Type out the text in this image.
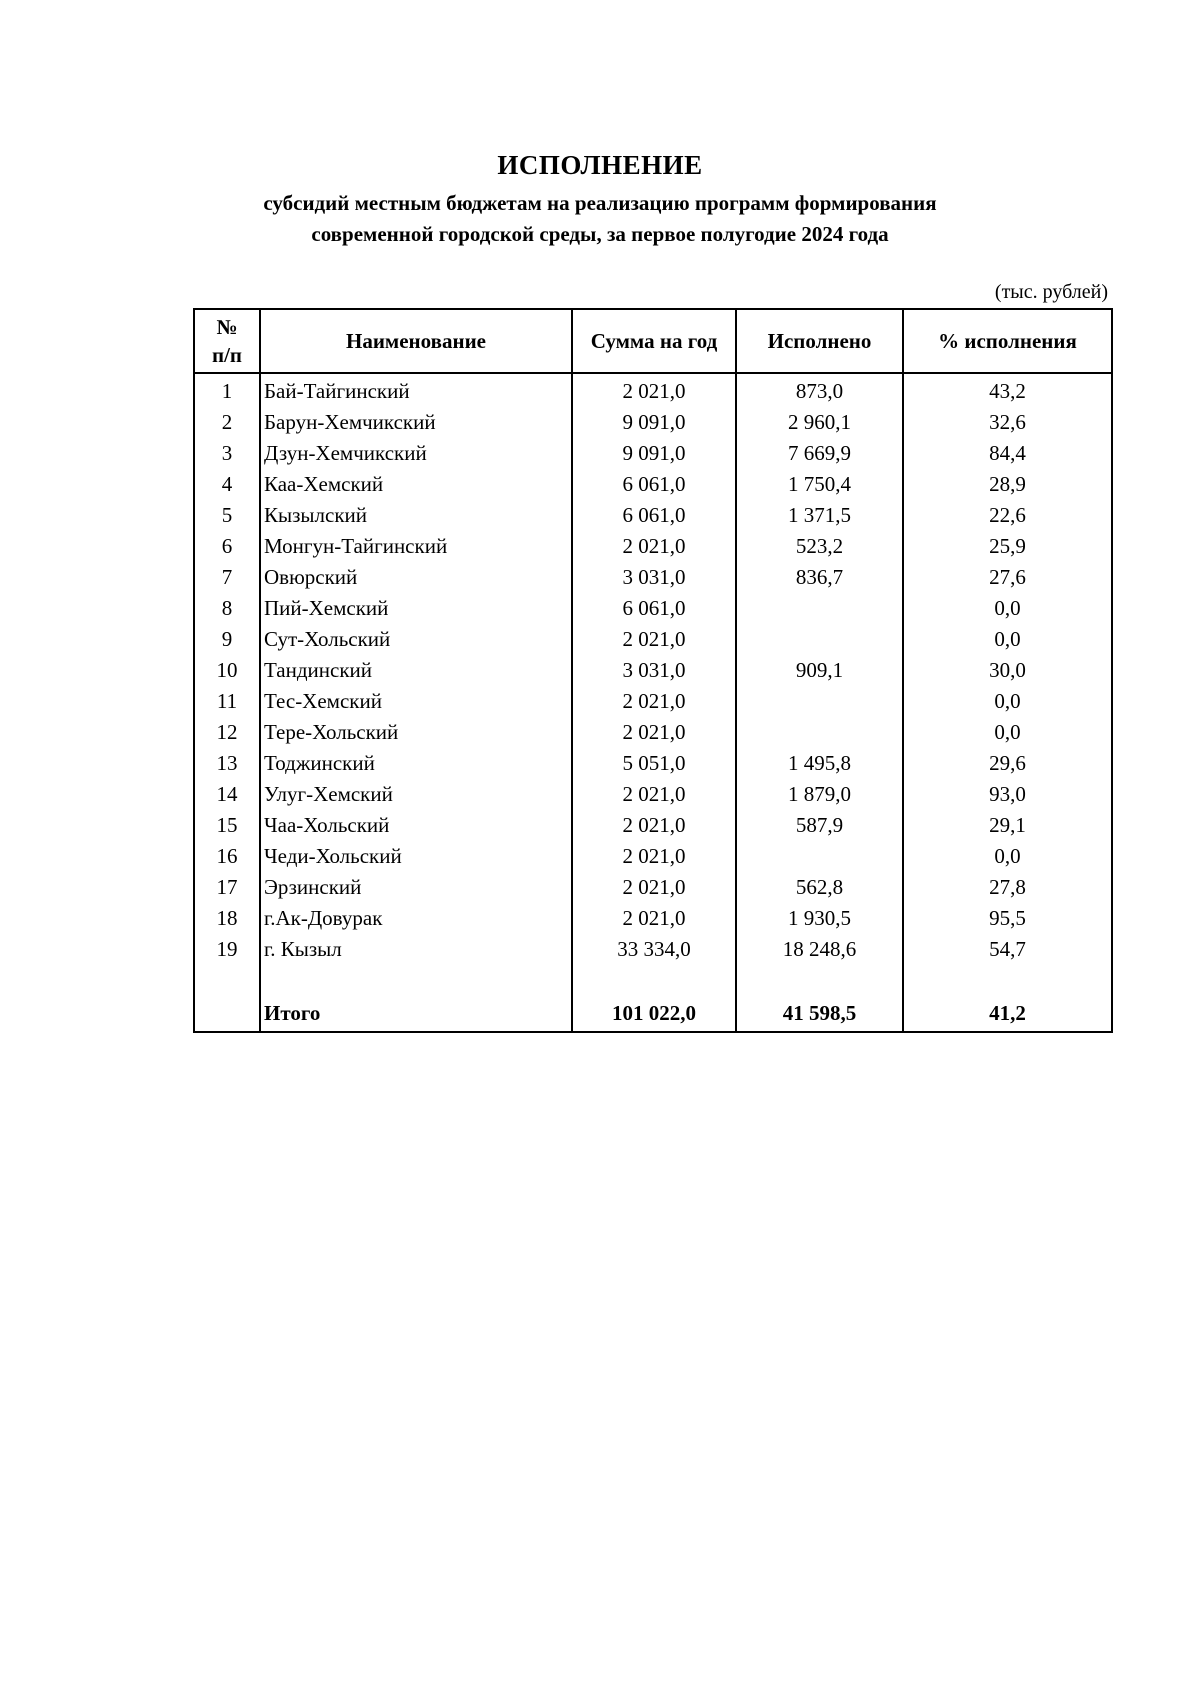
ИСПОЛНЕНИЕ
субсидий местным бюджетам на реализацию программ формирования
современной городской среды, за первое полугодие 2024 года
(тыс. рублей)
№
п/п	Наименование	Сумма на год	Исполнено	% исполнения
1	Бай-Тайгинский	2 021,0	873,0	43,2
2	Барун-Хемчикский	9 091,0	2 960,1	32,6
3	Дзун-Хемчикский	9 091,0	7 669,9	84,4
4	Каа-Хемский	6 061,0	1 750,4	28,9
5	Кызылский	6 061,0	1 371,5	22,6
6	Монгун-Тайгинский	2 021,0	523,2	25,9
7	Овюрский	3 031,0	836,7	27,6
8	Пий-Хемский	6 061,0		0,0
9	Сут-Хольский	2 021,0		0,0
10	Тандинский	3 031,0	909,1	30,0
11	Тес-Хемский	2 021,0		0,0
12	Тере-Хольский	2 021,0		0,0
13	Тоджинский	5 051,0	1 495,8	29,6
14	Улуг-Хемский	2 021,0	1 879,0	93,0
15	Чаа-Хольский	2 021,0	587,9	29,1
16	Чеди-Хольский	2 021,0		0,0
17	Эрзинский	2 021,0	562,8	27,8
18	г.Ак-Довурак	2 021,0	1 930,5	95,5
19	г. Кызыл	33 334,0	18 248,6	54,7

	Итого	101 022,0	41 598,5	41,2
